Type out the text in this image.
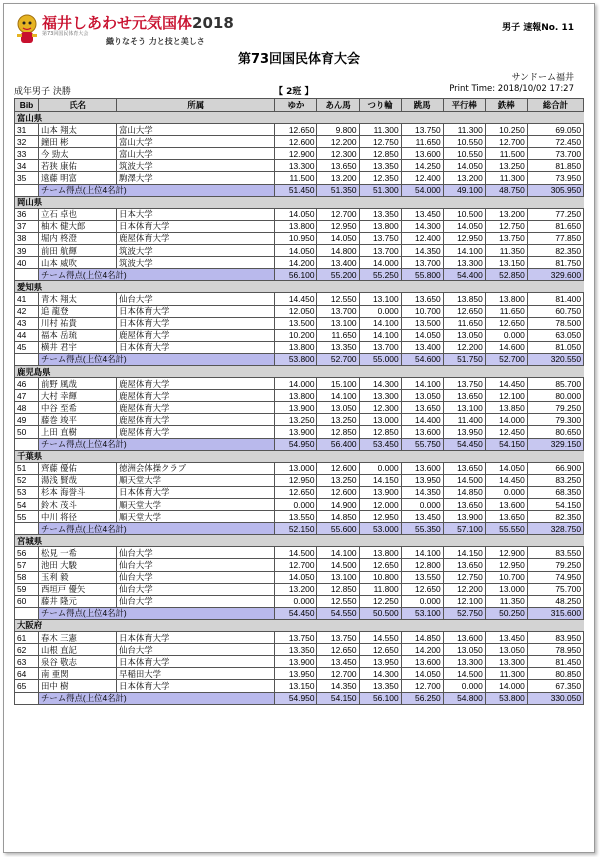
福井しあわせ元気国体2018
第73回国民体育大会
織りなそう 力と技と美しさ
男子 速報No. 11
第73回国民体育大会
サンドーム福井
成年男子 決勝	【 2班 】	Print Time: 2018/10/02 17:27
Bib	氏名	所属	ゆか	あん馬	つり輪	跳馬	平行棒	鉄棒	総合計
富山県									
31	山本 翔太	富山大学	12.650	9.800	11.300	13.750	11.300	10.250	69.050
32	鐘田 彬	富山大学	12.600	12.200	12.750	11.650	10.550	12.700	72.450
33	今 勁太	富山大学	12.900	12.300	12.850	13.600	10.550	11.500	73.700
34	若狭 康佑	筑波大学	13.300	13.650	13.350	14.250	14.050	13.250	81.850
35	遠藤 明富	駒澤大学	11.500	13.200	12.350	12.400	13.200	11.300	73.950
	チーム得点(上位4名計)		51.450	51.350	51.300	54.000	49.100	48.750	305.950
岡山県									
36	立石 卓也	日本大学	14.050	12.700	13.350	13.450	10.500	13.200	77.250
37	柚木 健大郎	日本体育大学	13.800	12.950	13.800	14.300	14.050	12.750	81.650
38	堀内 柊澄	鹿屋体育大学	10.950	14.050	13.750	12.400	12.950	13.750	77.850
39	前田 航輝	筑波大学	14.050	14.800	13.700	14.350	14.100	11.350	82.350
40	山本 威吹	筑波大学	14.200	13.400	14.000	13.700	13.300	13.150	81.750
	チーム得点(上位4名計)		56.100	55.200	55.250	55.800	54.400	52.850	329.600
愛知県									
41	青木 翔太	仙台大学	14.450	12.550	13.100	13.650	13.850	13.800	81.400
42	追 龍登	日本体育大学	12.050	13.700	0.000	10.700	12.650	11.650	60.750
43	川村 祐貴	日本体育大学	13.500	13.100	14.100	13.500	11.650	12.650	78.500
44	福本 岳琉	鹿屋体育大学	10.200	11.650	14.100	14.050	13.050	0.000	63.050
45	横井 君宇	日本体育大学	13.800	13.350	13.700	13.400	12.200	14.600	81.050
	チーム得点(上位4名計)		53.800	52.700	55.000	54.600	51.750	52.700	320.550
鹿児島県									
46	前野 風哉	鹿屋体育大学	14.000	15.100	14.300	14.100	13.750	14.450	85.700
47	大村 幸輝	鹿屋体育大学	13.800	14.100	13.300	13.050	13.650	12.100	80.000
48	中谷 至希	鹿屋体育大学	13.900	13.050	12.300	13.650	13.100	13.850	79.250
49	藤巻 竣平	鹿屋体育大学	13.250	13.250	13.000	14.400	11.400	14.000	79.300
50	上田 直樹	鹿屋体育大学	13.900	12.850	12.850	13.600	13.950	12.450	80.650
	チーム得点(上位4名計)		54.950	56.400	53.450	55.750	54.450	54.150	329.150
千葉県									
51	齊藤 優佑	徳洲会体操クラブ	13.000	12.600	0.000	13.600	13.650	14.050	66.900
52	湯浅 賢哉	順天堂大学	12.950	13.250	14.150	13.950	14.500	14.450	83.250
53	杉本 海誉斗	日本体育大学	12.650	12.600	13.900	14.350	14.850	0.000	68.350
54	鈴木 茂斗	順天堂大学	0.000	14.900	12.000	0.000	13.650	13.600	54.150
55	中川 将径	順天堂大学	13.550	14.850	12.950	13.450	13.900	13.650	82.350
	チーム得点(上位4名計)		52.150	55.600	53.000	55.350	57.100	55.550	328.750
宮城県									
56	松見 一希	仙台大学	14.500	14.100	13.800	14.100	14.150	12.900	83.550
57	池田 大駿	仙台大学	12.700	14.500	12.650	12.800	13.650	12.950	79.250
58	玉利 毅	仙台大学	14.050	13.100	10.800	13.550	12.750	10.700	74.950
59	西垣戸 優矢	仙台大学	13.200	12.850	11.800	12.650	12.200	13.000	75.700
60	藤井 隆元	仙台大学	0.000	12.550	12.250	0.000	12.100	11.350	48.250
	チーム得点(上位4名計)		54.450	54.550	50.500	53.100	52.750	50.250	315.600
大阪府									
61	春木 三憲	日本体育大学	13.750	13.750	14.550	14.850	13.600	13.450	83.950
62	山根 直記	仙台大学	13.350	12.650	12.650	14.200	13.050	13.050	78.950
63	泉谷 敬志	日本体育大学	13.900	13.450	13.950	13.600	13.300	13.300	81.450
64	南 亜関	早稲田大学	13.950	12.700	14.300	14.050	14.500	11.300	80.850
65	田中 樹	日本体育大学	13.150	14.350	13.350	12.700	0.000	14.000	67.350
	チーム得点(上位4名計)		54.950	54.150	56.100	56.250	54.800	53.800	330.050
